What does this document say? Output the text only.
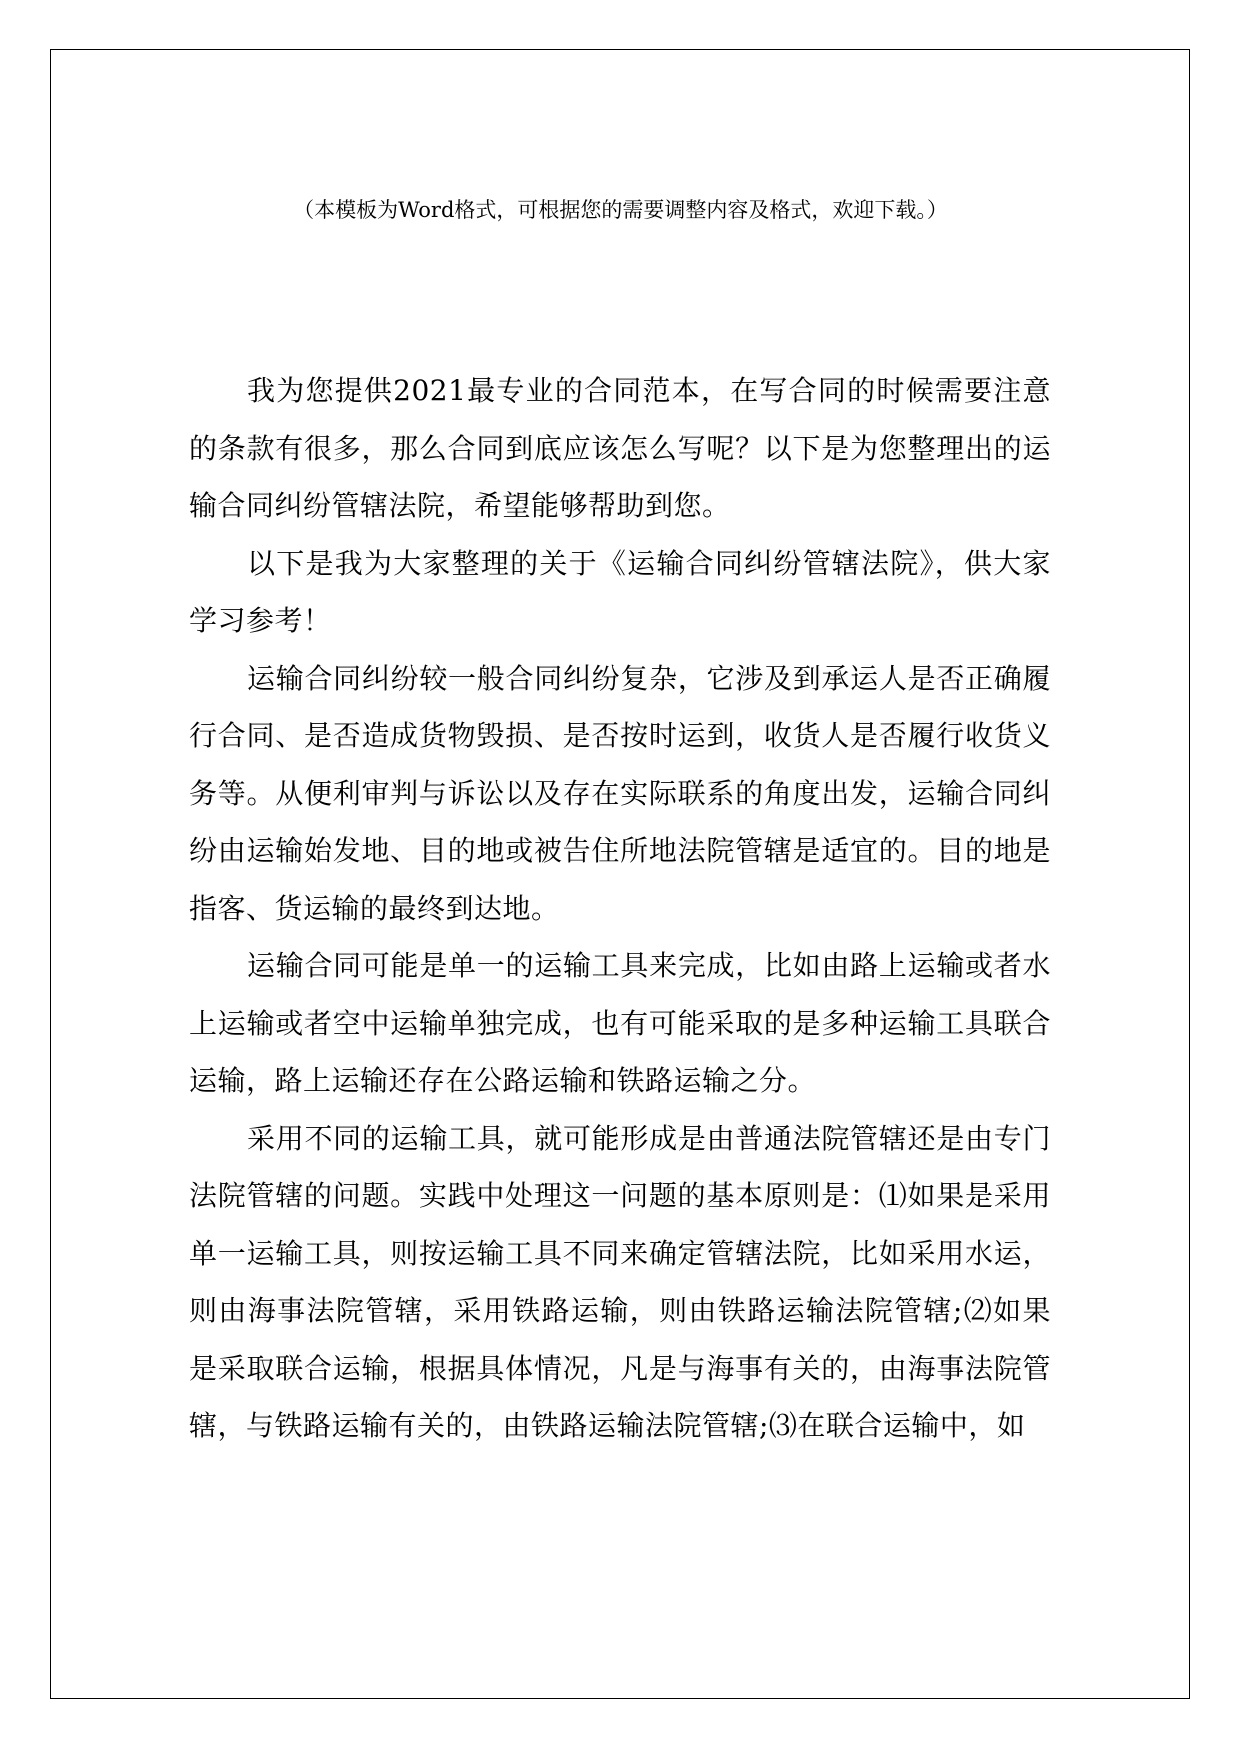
（本模板为Word格式，可根据您的需要调整内容及格式，欢迎下载。）

我为您提供2021最专业的合同范本，在写合同的时候需要注意的条款有很多，那么合同到底应该怎么写呢？以下是为您整理出的运输合同纠纷管辖法院，希望能够帮助到您。

以下是我为大家整理的关于《运输合同纠纷管辖法院》，供大家学习参考！

运输合同纠纷较一般合同纠纷复杂，它涉及到承运人是否正确履行合同、是否造成货物毁损、是否按时运到，收货人是否履行收货义务等。从便利审判与诉讼以及存在实际联系的角度出发，运输合同纠纷由运输始发地、目的地或被告住所地法院管辖是适宜的。目的地是指客、货运输的最终到达地。

运输合同可能是单一的运输工具来完成，比如由路上运输或者水上运输或者空中运输单独完成，也有可能采取的是多种运输工具联合运输，路上运输还存在公路运输和铁路运输之分。

采用不同的运输工具，就可能形成是由普通法院管辖还是由专门法院管辖的问题。实践中处理这一问题的基本原则是：⑴如果是采用单一运输工具，则按运输工具不同来确定管辖法院，比如采用水运，则由海事法院管辖，采用铁路运输，则由铁路运输法院管辖;⑵如果是采取联合运输，根据具体情况，凡是与海事有关的，由海事法院管辖，与铁路运输有关的，由铁路运输法院管辖;⑶在联合运输中，如
